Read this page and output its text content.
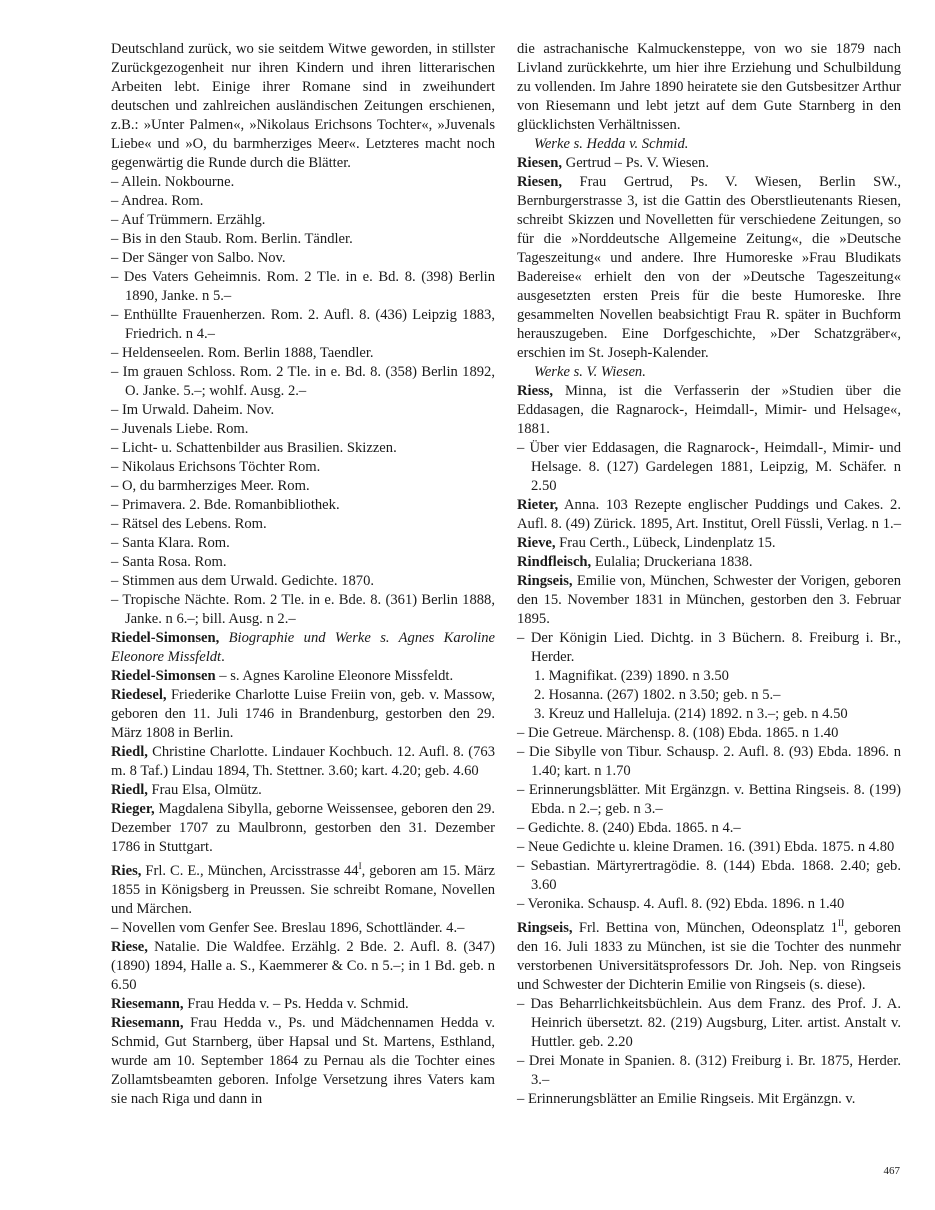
Deutschland zurück, wo sie seitdem Witwe geworden, in stillster Zurückgezogenheit nur ihren Kindern und ihren litterarischen Arbeiten lebt. Einige ihrer Romane sind in zweihundert deutschen und zahlreichen ausländischen Zeitungen erschienen, z.B.: »Unter Palmen«, »Nikolaus Erichsons Tochter«, »Juvenals Liebe« und »O, du barmherziges Meer«. Letzteres macht noch gegenwärtig die Runde durch die Blätter.
– Allein. Nokbourne.
– Andrea. Rom.
– Auf Trümmern. Erzählg.
– Bis in den Staub. Rom. Berlin. Tändler.
– Der Sänger von Salbo. Nov.
– Des Vaters Geheimnis. Rom. 2 Tle. in e. Bd. 8. (398) Berlin 1890, Janke. n 5.–
– Enthüllte Frauenherzen. Rom. 2. Aufl. 8. (436) Leipzig 1883, Friedrich. n 4.–
– Heldenseelen. Rom. Berlin 1888, Taendler.
– Im grauen Schloss. Rom. 2 Tle. in e. Bd. 8. (358) Berlin 1892, O. Janke. 5.–; wohlf. Ausg. 2.–
– Im Urwald. Daheim. Nov.
– Juvenals Liebe. Rom.
– Licht- u. Schattenbilder aus Brasilien. Skizzen.
– Nikolaus Erichsons Töchter Rom.
– O, du barmherziges Meer. Rom.
– Primavera. 2. Bde. Romanbibliothek.
– Rätsel des Lebens. Rom.
– Santa Klara. Rom.
– Santa Rosa. Rom.
– Stimmen aus dem Urwald. Gedichte. 1870.
– Tropische Nächte. Rom. 2 Tle. in e. Bde. 8. (361) Berlin 1888, Janke. n 6.–; bill. Ausg. n 2.–
Riedel-Simonsen, Biographie und Werke s. Agnes Karoline Eleonore Missfeldt.
Riedel-Simonsen – s. Agnes Karoline Eleonore Missfeldt.
Riedesel, Friederike Charlotte Luise Freiin von, geb. v. Massow, geboren den 11. Juli 1746 in Brandenburg, gestorben den 29. März 1808 in Berlin.
Riedl, Christine Charlotte. Lindauer Kochbuch. 12. Aufl. 8. (763 m. 8 Taf.) Lindau 1894, Th. Stettner. 3.60; kart. 4.20; geb. 4.60
Riedl, Frau Elsa, Olmütz.
Rieger, Magdalena Sibylla, geborne Weissensee, geboren den 29. Dezember 1707 zu Maulbronn, gestorben den 31. Dezember 1786 in Stuttgart.
Ries, Frl. C. E., München, Arcisstrasse $44^I$, geboren am 15. März 1855 in Königsberg in Preussen. Sie schreibt Romane, Novellen und Märchen.
– Novellen vom Genfer See. Breslau 1896, Schottländer. 4.–
Riese, Natalie. Die Waldfee. Erzählg. 2 Bde. 2. Aufl. 8. (347) (1890) 1894, Halle a. S., Kaemmerer & Co. n 5.–; in 1 Bd. geb. n 6.50
Riesemann, Frau Hedda v. – Ps. Hedda v. Schmid.
Riesemann, Frau Hedda v., Ps. und Mädchennamen Hedda v. Schmid, Gut Starnberg, über Hapsal und St. Martens, Esthland, wurde am 10. September 1864 zu Pernau als die Tochter eines Zollamtsbeamten geboren. Infolge Versetzung ihres Vaters kam sie nach Riga und dann in
die astrachanische Kalmuckensteppe, von wo sie 1879 nach Livland zurückkehrte, um hier ihre Erziehung und Schulbildung zu vollenden. Im Jahre 1890 heiratete sie den Gutsbesitzer Arthur von Riesemann und lebt jetzt auf dem Gute Starnberg in den glücklichsten Verhältnissen.
Werke s. Hedda v. Schmid.
Riesen, Gertrud – Ps. V. Wiesen.
Riesen, Frau Gertrud, Ps. V. Wiesen, Berlin SW., Bernburgerstrasse 3, ist die Gattin des Oberstlieutenants Riesen, schreibt Skizzen und Novelletten für verschiedene Zeitungen, so für die »Norddeutsche Allgemeine Zeitung«, die »Deutsche Tageszeitung« und andere. Ihre Humoreske »Frau Bludikats Badereise« erhielt den von der »Deutsche Tageszeitung« ausgesetzten ersten Preis für die beste Humoreske. Ihre gesammelten Novellen beabsichtigt Frau R. später in Buchform herauszugeben. Eine Dorfgeschichte, »Der Schatzgräber«, erschien im St. Joseph-Kalender.
Werke s. V. Wiesen.
Riess, Minna, ist die Verfasserin der »Studien über die Eddasagen, die Ragnarock-, Heimdall-, Mimir- und Helsage«, 1881.
– Über vier Eddasagen, die Ragnarock-, Heimdall-, Mimir- und Helsage. 8. (127) Gardelegen 1881, Leipzig, M. Schäfer. n 2.50
Rieter, Anna. 103 Rezepte englischer Puddings und Cakes. 2. Aufl. 8. (49) Zürick. 1895, Art. Institut, Orell Füssli, Verlag. n 1.–
Rieve, Frau Certh., Lübeck, Lindenplatz 15.
Rindfleisch, Eulalia; Druckeriana 1838.
Ringseis, Emilie von, München, Schwester der Vorigen, geboren den 15. November 1831 in München, gestorben den 3. Februar 1895.
– Der Königin Lied. Dichtg. in 3 Büchern. 8. Freiburg i. Br., Herder.
1. Magnifikat. (239) 1890. n 3.50
2. Hosanna. (267) 1802. n 3.50; geb. n 5.–
3. Kreuz und Halleluja. (214) 1892. n 3.–; geb. n 4.50
– Die Getreue. Märchensp. 8. (108) Ebda. 1865. n 1.40
– Die Sibylle von Tibur. Schausp. 2. Aufl. 8. (93) Ebda. 1896. n 1.40; kart. n 1.70
– Erinnerungsblätter. Mit Ergänzgn. v. Bettina Ringseis. 8. (199) Ebda. n 2.–; geb. n 3.–
– Gedichte. 8. (240) Ebda. 1865. n 4.–
– Neue Gedichte u. kleine Dramen. 16. (391) Ebda. 1875. n 4.80
– Sebastian. Märtyrertragödie. 8. (144) Ebda. 1868. 2.40; geb. 3.60
– Veronika. Schausp. 4. Aufl. 8. (92) Ebda. 1896. n 1.40
Ringseis, Frl. Bettina von, München, Odeonsplatz $1^{II}$, geboren den 16. Juli 1833 zu München, ist sie die Tochter des nunmehr verstorbenen Universitätsprofessors Dr. Joh. Nep. von Ringseis und Schwester der Dichterin Emilie von Ringseis (s. diese).
– Das Beharrlichkeitsbüchlein. Aus dem Franz. des Prof. J. A. Heinrich übersetzt. 82. (219) Augsburg, Liter. artist. Anstalt v. Huttler. geb. 2.20
– Drei Monate in Spanien. 8. (312) Freiburg i. Br. 1875, Herder. 3.–
– Erinnerungsblätter an Emilie Ringseis. Mit Ergänzgn. v.
467
